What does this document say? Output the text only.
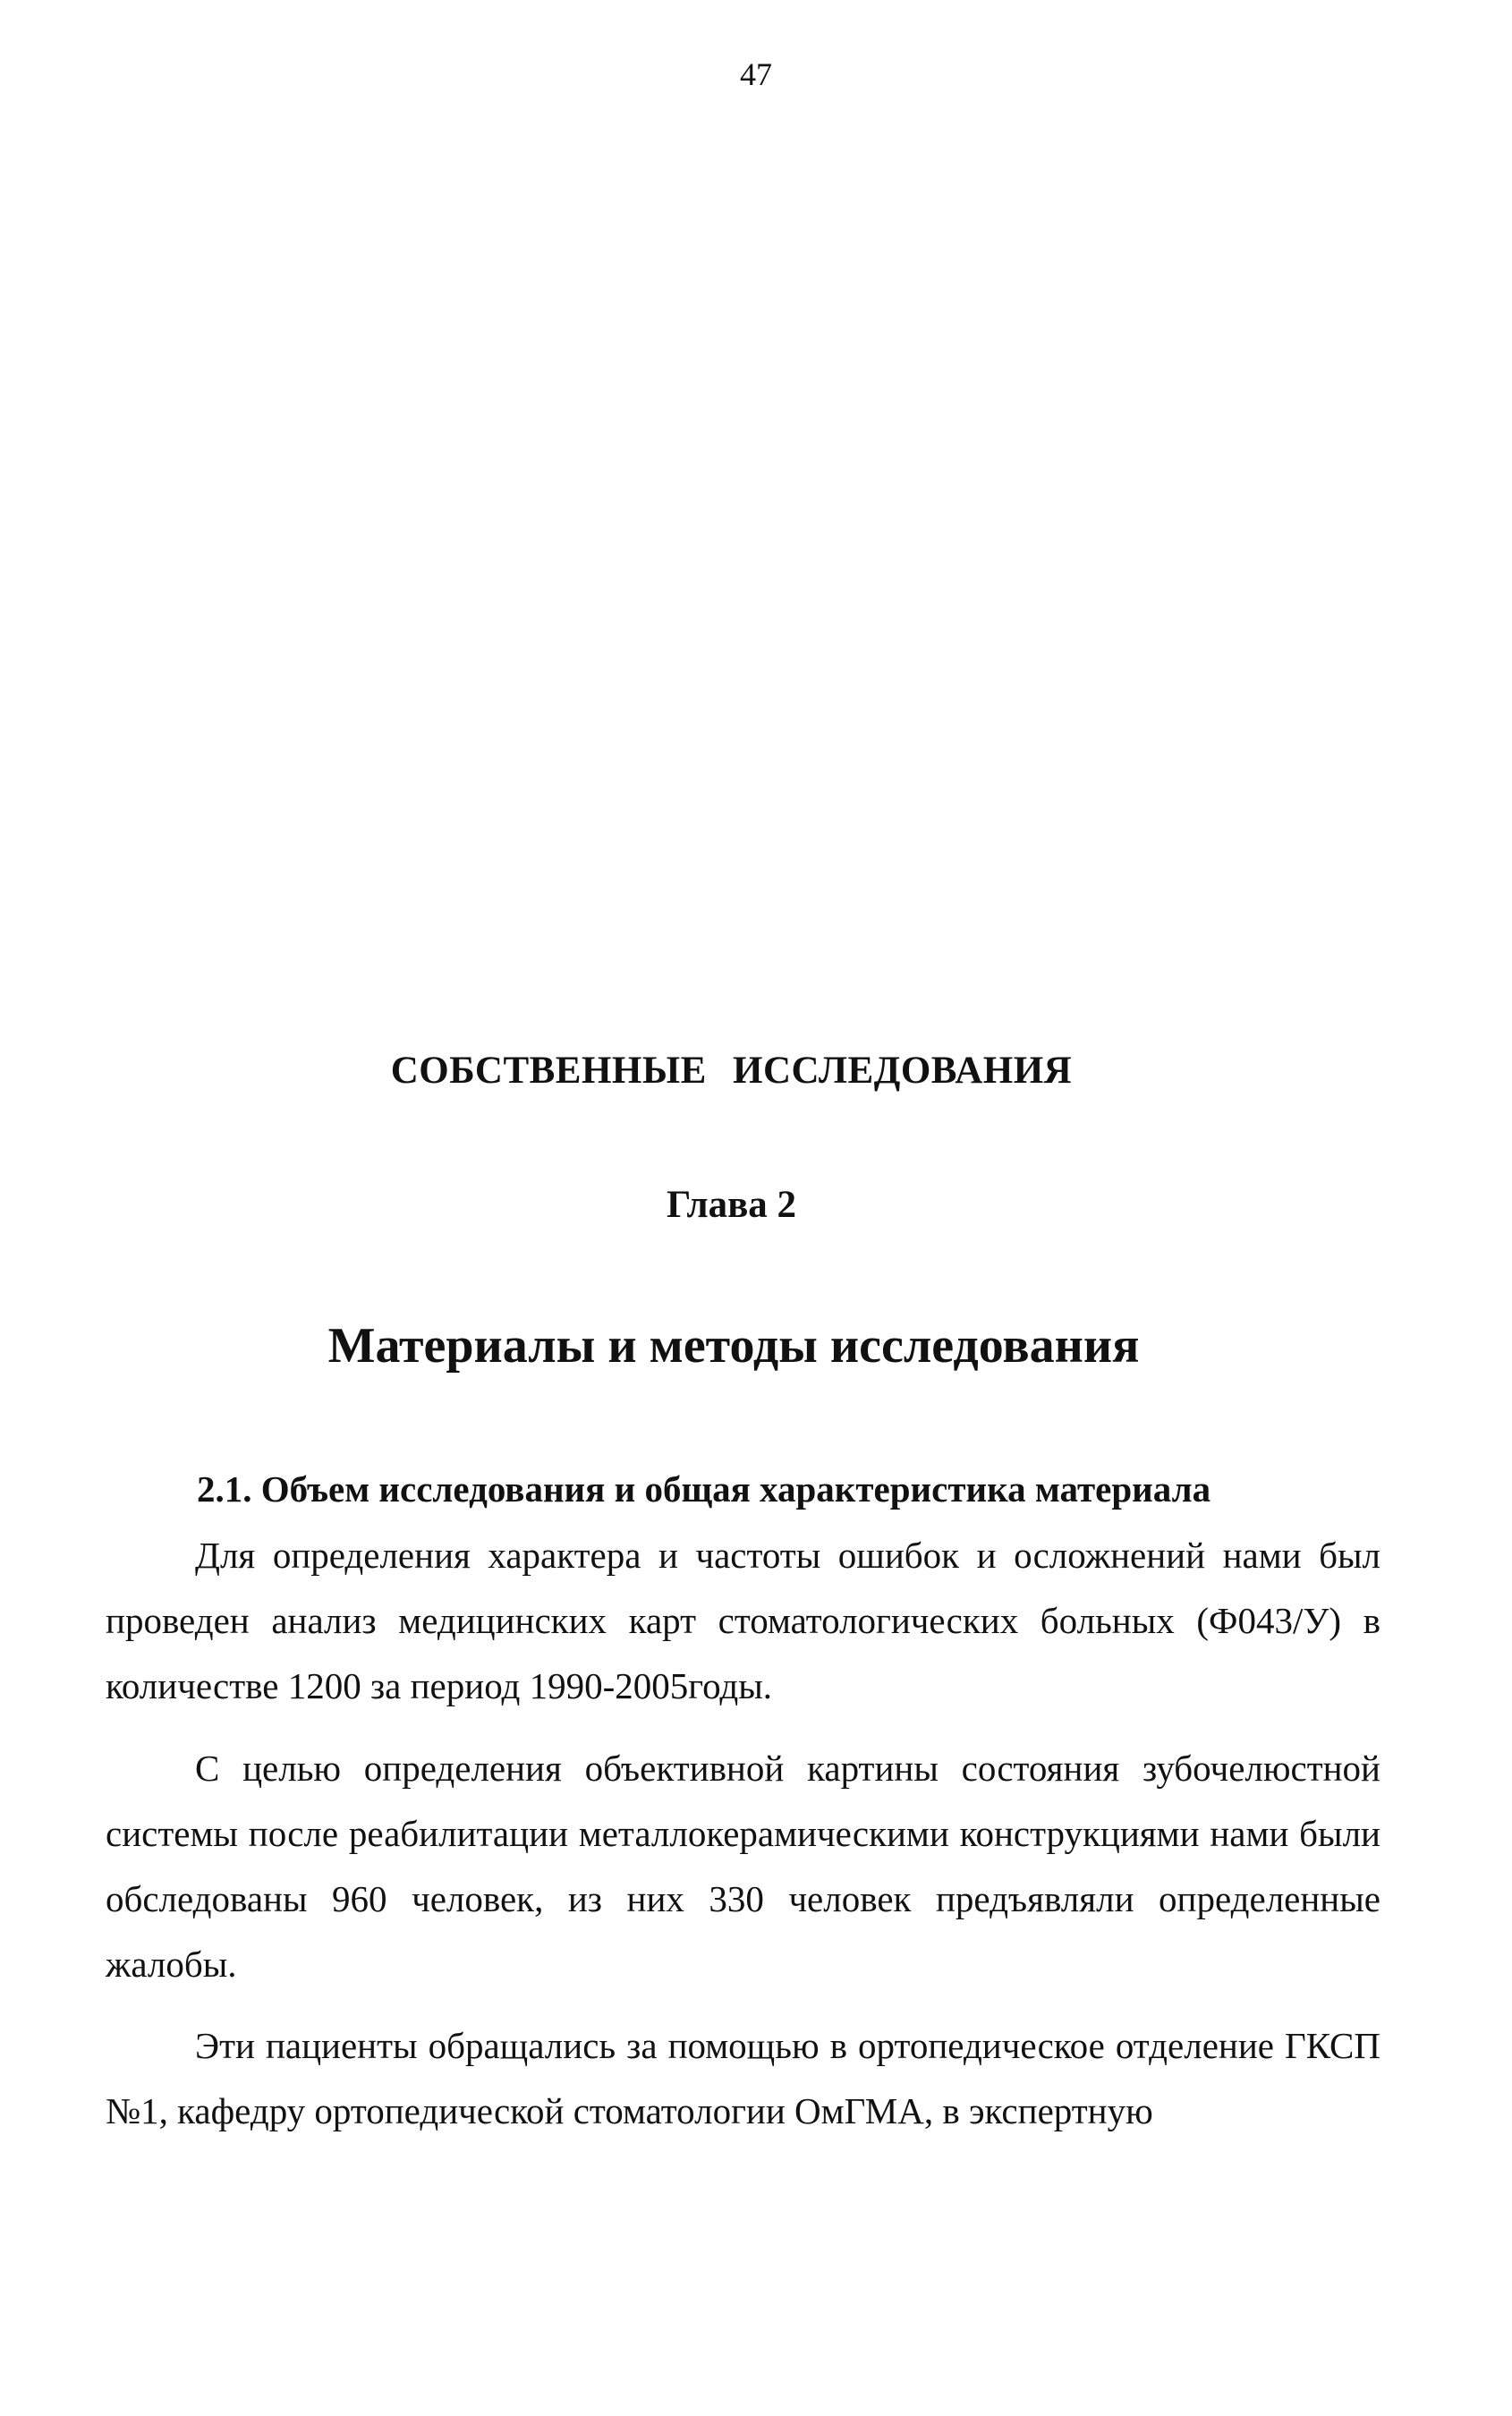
47
СОБСТВЕННЫЕ ИССЛЕДОВАНИЯ
Глава 2
Материалы и методы исследования
2.1. Объем исследования и общая характеристика материала

Для определения характера и частоты ошибок и осложнений нами был проведен анализ медицинских карт стоматологических больных (Ф043/У) в количестве 1200 за период 1990-2005годы.

С целью определения объективной картины состояния зубочелюстной системы после реабилитации металлокерамическими конструкциями нами были обследованы 960 человек, из них 330 человек предъявляли определенные жалобы.

Эти пациенты обращались за помощью в ортопедическое отделение ГКСП №1, кафедру ортопедической стоматологии ОмГМА, в экспертную
